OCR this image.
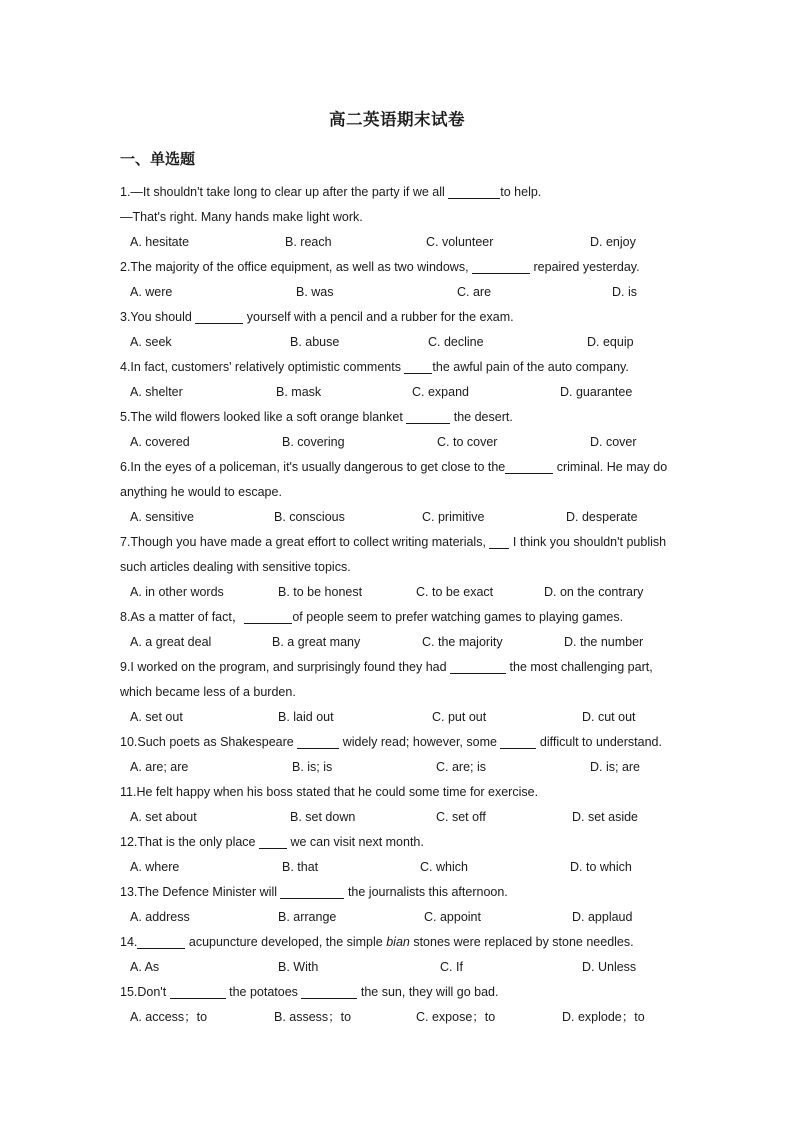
高二英语期末试卷
一、单选题
1.—It shouldn't take long to clear up after the party if we all	to help.
—That's right. Many hands make light work.
A. hesitate	B. reach	C. volunteer	D. enjoy
2.The majority of the office equipment, as well as two windows,	repaired yesterday.
A. were	B. was	C. are	D. is
3.You should	yourself with a pencil and a rubber for the exam.
A. seek	B. abuse	C. decline	D. equip
4.In fact, customers' relatively optimistic comments the awful pain of the auto company.
A. shelter	B. mask	C. expand	D. guarantee
5.The wild flowers looked like a soft orange blanket	the desert.
A. covered	B. covering	C. to cover	D. cover
6.In the eyes of a policeman, it's usually dangerous to get close to the	criminal. He may do anything he would to escape.
A. sensitive	B. conscious	C. primitive	D. desperate
7.Though you have made a great effort to collect writing materials,  I think you shouldn't publish such articles dealing with sensitive topics.
A. in other words	B. to be honest	C. to be exact	D. on the contrary
8.As a matter of fact，	of people seem to prefer watching games to playing games.
A. a great deal	B. a great many	C. the majority	D. the number
9.I worked on the program, and surprisingly found they had	the most challenging part, which became less of a burden.
A. set out	B. laid out	C. put out	D. cut out
10.Such poets as Shakespeare	widely read; however, some	difficult to understand.
A. are; are	B. is; is	C. are; is	D. is; are
11.He felt happy when his boss stated that he could some time for exercise.
A. set about	B. set down	C. set off	D. set aside
12.That is the only place  we can visit next month.
A. where	B. that	C. which	D. to which
13.The Defence Minister will	the journalists this afternoon.
A. address	B. arrange	C. appoint	D. applaud
14.	acupuncture developed, the simple bian stones were replaced by stone needles.
A. As	B. With	C. If	D. Unless
15.Don't	the potatoes	the sun, they will go bad.
A. access；to	B. assess；to	C. expose；to	D. explode；to
